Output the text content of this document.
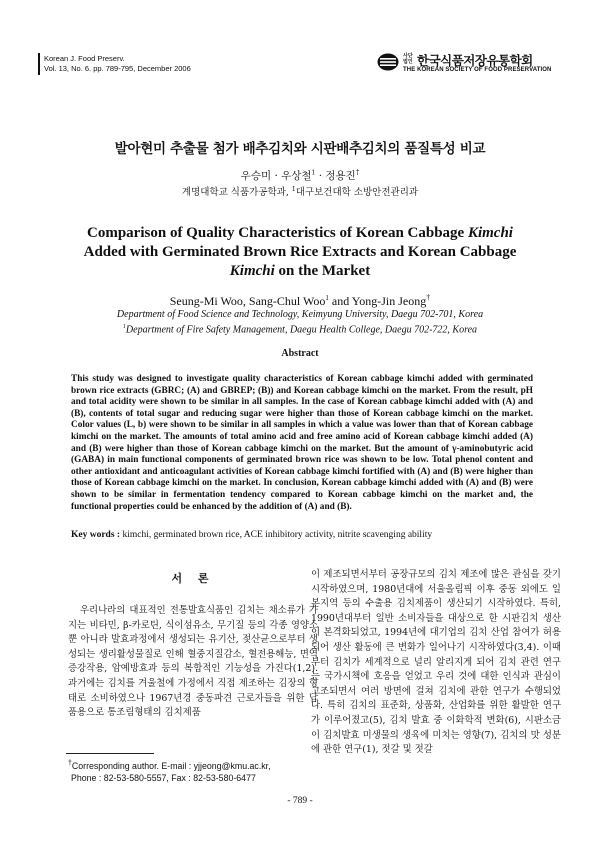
Korean J. Food Preserv.
Vol. 13, No. 6. pp. 789-795, December 2006
사단
법인 한국식품저장유통학회
THE KOREAN SOCIETY OF FOOD PRESERVATION
발아현미 추출물 첨가 배추김치와 시판배추김치의 품질특성 비교
우승미 · 우상철$^1$ · 정용진†
계명대학교 식품가공학과, $^1$대구보건대학 소방안전관리과
Comparison of Quality Characteristics of Korean Cabbage Kimchi
Added with Germinated Brown Rice Extracts and Korean Cabbage
Kimchi on the Market
Seung-Mi Woo, Sang-Chul Woo$^1$ and Yong-Jin Jeong†
Department of Food Science and Technology, Keimyung University, Daegu 702-701, Korea
$^1$Department of Fire Safety Management, Daegu Health College, Daegu 702-722, Korea
Abstract
This study was designed to investigate quality characteristics of Korean cabbage kimchi added with germinated brown rice extracts (GBRC; (A) and GBREP; (B)) and Korean cabbage kimchi on the market. From the result, pH and total acidity were shown to be similar in all samples. In the case of Korean cabbage kimchi added with (A) and (B), contents of total sugar and reducing sugar were higher than those of Korean cabbage kimchi on the market. Color values (L, b) were shown to be similar in all samples in which a value was lower than that of Korean cabbage kimchi on the market. The amounts of total amino acid and free amino acid of Korean cabbage kimchi added (A) and (B) were higher than those of Korean cabbage kimchi on the market. But the amount of γ-aminobutyric acid (GABA) in main functional components of germinated brown rice was shown to be low. Total phenol content and other antioxidant and anticoagulant activities of Korean cabbage kimchi fortified with (A) and (B) were higher than those of Korean cabbage kimchi on the market. In conclusion, Korean cabbage kimchi added with (A) and (B) were shown to be similar in fermentation tendency compared to Korean cabbage kimchi on the market and, the functional properties could be enhanced by the addition of (A) and (B).
Key words : kimchi, germinated brown rice, ACE inhibitory activity, nitrite scavenging ability
서 론

우리나라의 대표적인 전통발효식품인 김치는 채소류가 가지는 비타민, β-카로틴, 식이섬유소, 무기질 등의 각종 영양소 뿐 아니라 발효과정에서 생성되는 유기산, 젖산균으로부터 생성되는 생리활성물질로 인해 혈중지질감소, 혈전용해능, 면역증강작용, 암예방효과 등의 복합적인 기능성을 가진다(1,2). 과거에는 김치를 겨울철에 가정에서 직접 제조하는 김장의 형태로 소비하였으나 1967년경 중동파견 근로자들을 위한 납품용으로 통조림형태의 김치제품

이 제조되면서부터 공장규모의 김치 제조에 많은 관심을 갖기 시작하였으며, 1980년대에 서울올림픽 이후 중동 외에도 일본지역 등의 수출용 김치제품이 생산되기 시작하였다. 특히, 1990년대부터 일반 소비자들을 대상으로 한 시판김치 생산이 본격화되었고, 1994년에 대기업의 김치 산업 참여가 허용되어 생산 활동에 큰 변화가 일어나기 시작하였다(3,4). 이때부터 김치가 세계적으로 널리 알리지게 되어 김치 관련 연구는 국가시책에 호응을 얻었고 우리 것에 대한 인식과 관심이 고조되면서 여러 방면에 걸쳐 김치에 관한 연구가 수행되었다. 특히 김치의 표준화, 상품화, 산업화를 위한 활발한 연구가 이루어졌고(5), 김치 발효 중 이화학적 변화(6), 시판소금이 김치발효 미생물의 생육에 미치는 영향(7), 김치의 맛 성분에 관한 연구(1), 젓갈 및 젓갈

†Corresponding author. E-mail : yjjeong@kmu.ac.kr,
Phone : 82-53-580-5557, Fax : 82-53-580-6477
- 789 -
